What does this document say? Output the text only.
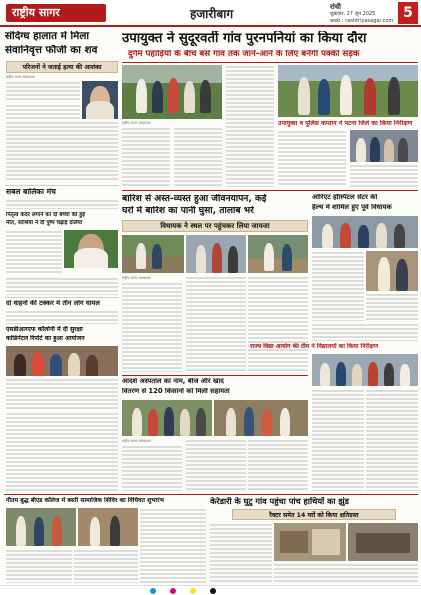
राष्ट्रीय सागर	हजारीबाग	रांची
शुक्रवार, 27 जून 2025
web : rashtriyasagar.com 5
उपायुक्त ने सुदूरवर्ती गांव पुरनपनियां का किया दौरा
दुर्गम पहाड़ियों के बीच बसे गांव तक जाने-आने के लिए बनेगी पक्की सड़क
संदिग्ध हालात में मिला
सेवानिवृत्त फौजी का शव
परिजनों ने जताई हत्या की आशंका
राष्ट्रीय सागर संवाददाता
सबल बालिका मंच
पितृत्व कदर लगाने का दो बच्चों की हुई
मौत, साथियों ने दी पुष्प चढ़ाई दलिया
दो वाहनों की टक्कर में तीन लोग घायल
एसडीआरएफ कॉलोनी में दी सुरक्षा
कांडिनेंटल रिपोर्ट का हुआ आयोजन
राष्ट्रीय सागर संवाददाता	उपायुक्त व पुलिस कप्तान ने पटना जिले का किया निरीक्षण
बारिश से अस्त-व्यस्त हुआ जीवनयापन, कई
घरों में बारिश का पानी घुसा, तालाब भरे
विधायक ने स्थल पर पहुंचकर लिया जायजा
राष्ट्रीय सागर संवाददाता
ओरिएंट हॉस्पिटल सेंटर की
हैल्थ में शामिल हुए पूर्व विधायक
आदर्श अस्पताल का नाम, बीज और खाद
वितरण से 120 किसानों को मिली सहायता
राष्ट्रीय सागर संवाददाता
राज्य विद्या आयोग की टीम ने विद्यालयों का किया निरीक्षण
गौतम बुद्ध बीएड कॉलेज में बस्ती सामाजिक शिविर का विधिवत शुभारंभ	केरेडारी के घुटु गांव पहुंचा पांच हाथियों का झुंड
रैक्टर समेत 14 घरों को किया क्षतिग्रस्त
